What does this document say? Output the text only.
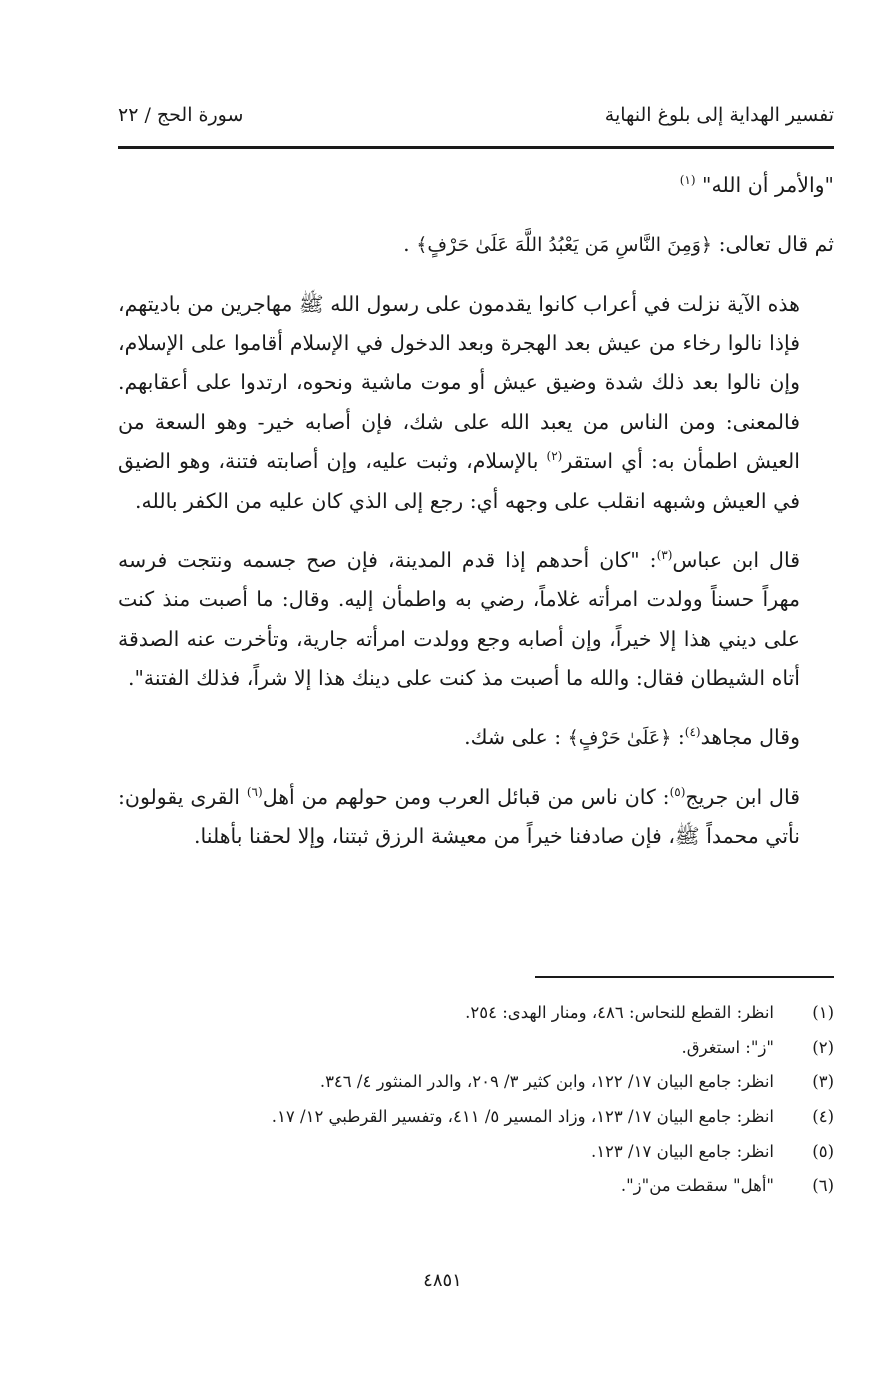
تفسير الهداية إلى بلوغ النهاية
سورة الحج / ٢٢

"والأمر أن الله" $^{(١)}$

ثم قال تعالى: ﴿وَمِنَ النَّاسِ مَن يَعْبُدُ اللَّهَ عَلَىٰ حَرْفٍ﴾ .

هذه الآية نزلت في أعراب كانوا يقدمون على رسول الله ﷺ مهاجرين من باديتهم، فإذا نالوا رخاء من عيش بعد الهجرة وبعد الدخول في الإسلام أقاموا على الإسلام، وإن نالوا بعد ذلك شدة وضيق عيش أو موت ماشية ونحوه، ارتدوا على أعقابهم. فالمعنى: ومن الناس من يعبد الله على شك، فإن أصابه خير- وهو السعة من العيش اطمأن به: أي استقر$^{(٢)}$ بالإسلام، وثبت عليه، وإن أصابته فتنة، وهو الضيق في العيش وشبهه انقلب على وجهه أي: رجع إلى الذي كان عليه من الكفر بالله.

قال ابن عباس$^{(٣)}$: "كان أحدهم إذا قدم المدينة، فإن صح جسمه ونتجت فرسه مهراً حسناً وولدت امرأته غلاماً، رضي به واطمأن إليه. وقال: ما أصبت منذ كنت على ديني هذا إلا خيراً، وإن أصابه وجع وولدت امرأته جارية، وتأخرت عنه الصدقة أتاه الشيطان فقال: والله ما أصبت مذ كنت على دينك هذا إلا شراً، فذلك الفتنة".

وقال مجاهد$^{(٤)}$: ﴿عَلَىٰ حَرْفٍ﴾ : على شك.

قال ابن جريج$^{(٥)}$: كان ناس من قبائل العرب ومن حولهم من أهل$^{(٦)}$ القرى يقولون: نأتي محمداً ﷺ، فإن صادفنا خيراً من معيشة الرزق ثبتنا، وإلا لحقنا بأهلنا.

(١)
انظر: القطع للنحاس: ٤٨٦، ومنار الهدى: ٢٥٤.
(٢)
"ز": استغرق.
(٣)
انظر: جامع البيان ١٧/ ١٢٢، وابن كثير ٣/ ٢٠٩، والدر المنثور ٤/ ٣٤٦.
(٤)
انظر: جامع البيان ١٧/ ١٢٣، وزاد المسير ٥/ ٤١١، وتفسير القرطبي ١٢/ ١٧.
(٥)
انظر: جامع البيان ١٧/ ١٢٣.
(٦)
"أهل" سقطت من"ز".
٤٨٥١
